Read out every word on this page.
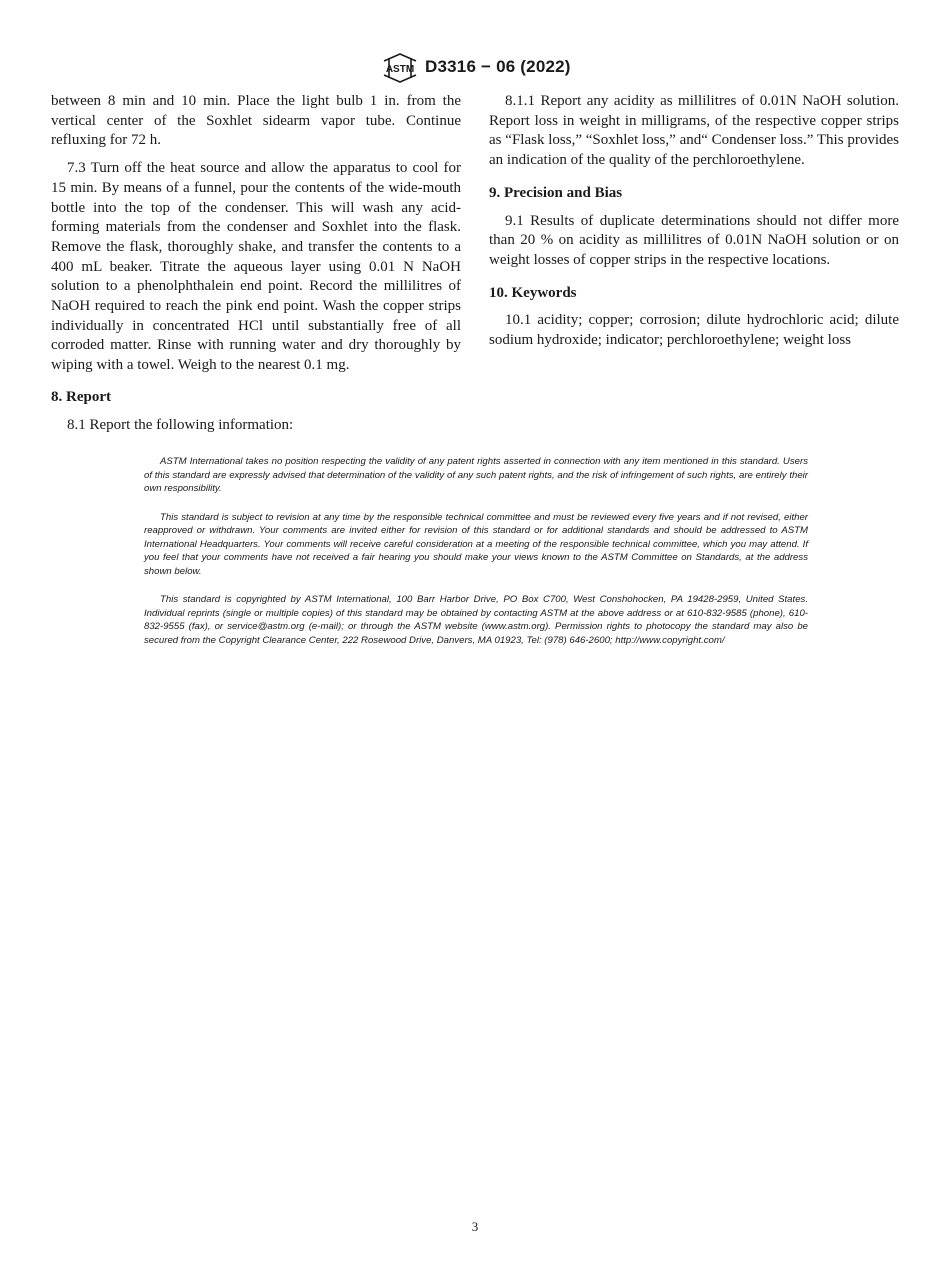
ASTM D3316 − 06 (2022)

between 8 min and 10 min. Place the light bulb 1 in. from the vertical center of the Soxhlet sidearm vapor tube. Continue refluxing for 72 h.

7.3 Turn off the heat source and allow the apparatus to cool for 15 min. By means of a funnel, pour the contents of the wide-mouth bottle into the top of the condenser. This will wash any acid-forming materials from the condenser and Soxhlet into the flask. Remove the flask, thoroughly shake, and transfer the contents to a 400 mL beaker. Titrate the aqueous layer using 0.01 N NaOH solution to a phenolphthalein end point. Record the millilitres of NaOH required to reach the pink end point. Wash the copper strips individually in concentrated HCl until substantially free of all corroded matter. Rinse with running water and dry thoroughly by wiping with a towel. Weigh to the nearest 0.1 mg.

8. Report

8.1 Report the following information:

8.1.1 Report any acidity as millilitres of 0.01N NaOH solution. Report loss in weight in milligrams, of the respective copper strips as “Flask loss,” “Soxhlet loss,” and“ Condenser loss.” This provides an indication of the quality of the perchloroethylene.

9. Precision and Bias

9.1 Results of duplicate determinations should not differ more than 20 % on acidity as millilitres of 0.01N NaOH solution or on weight losses of copper strips in the respective locations.

10. Keywords

10.1 acidity; copper; corrosion; dilute hydrochloric acid; dilute sodium hydroxide; indicator; perchloroethylene; weight loss

ASTM International takes no position respecting the validity of any patent rights asserted in connection with any item mentioned in this standard. Users of this standard are expressly advised that determination of the validity of any such patent rights, and the risk of infringement of such rights, are entirely their own responsibility.

This standard is subject to revision at any time by the responsible technical committee and must be reviewed every five years and if not revised, either reapproved or withdrawn. Your comments are invited either for revision of this standard or for additional standards and should be addressed to ASTM International Headquarters. Your comments will receive careful consideration at a meeting of the responsible technical committee, which you may attend. If you feel that your comments have not received a fair hearing you should make your views known to the ASTM Committee on Standards, at the address shown below.

This standard is copyrighted by ASTM International, 100 Barr Harbor Drive, PO Box C700, West Conshohocken, PA 19428-2959, United States. Individual reprints (single or multiple copies) of this standard may be obtained by contacting ASTM at the above address or at 610-832-9585 (phone), 610-832-9555 (fax), or service@astm.org (e-mail); or through the ASTM website (www.astm.org). Permission rights to photocopy the standard may also be secured from the Copyright Clearance Center, 222 Rosewood Drive, Danvers, MA 01923, Tel: (978) 646-2600; http://www.copyright.com/

3
